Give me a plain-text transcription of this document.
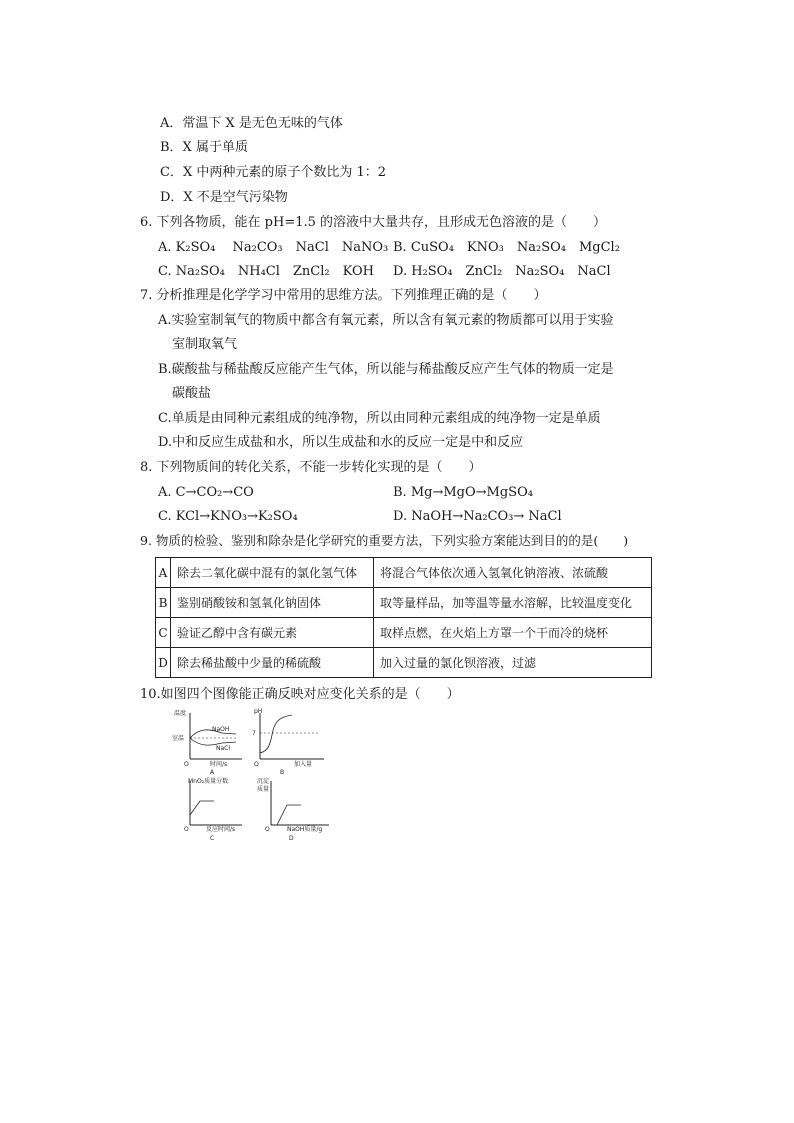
A．常温下 X 是无色无味的气体
B．X 属于单质
C．X 中两种元素的原子个数比为 1：2
D．X 不是空气污染物
6. 下列各物质，能在 pH=1.5 的溶液中大量共存，且形成无色溶液的是（　　）
A. K₂SO₄　 Na₂CO₃　NaCl　NaNO₃ B. CuSO₄　KNO₃　Na₂SO₄　MgCl₂
C. Na₂SO₄　NH₄Cl　ZnCl₂　KOH D. H₂SO₄　ZnCl₂　Na₂SO₄　NaCl
7. 分析推理是化学学习中常用的思维方法。下列推理正确的是（　　）
A.实验室制氧气的物质中都含有氧元素，所以含有氧元素的物质都可以用于实验
室制取氧气
B.碳酸盐与稀盐酸反应能产生气体，所以能与稀盐酸反应产生气体的物质一定是
碳酸盐
C.单质是由同种元素组成的纯净物，所以由同种元素组成的纯净物一定是单质
D.中和反应生成盐和水，所以生成盐和水的反应一定是中和反应
8. 下列物质间的转化关系，不能一步转化实现的是（　　）
A. C→CO₂→CO	B. Mg→MgO→MgSO₄
C. KCl→KNO₃→K₂SO₄	D. NaOH→Na₂CO₃→ NaCl
9. 物质的检验、鉴别和除杂是化学研究的重要方法，下列实验方案能达到目的的是(　　)
A	除去二氧化碳中混有的氯化氢气体	将混合气体依次通入氢氧化钠溶液、浓硫酸
B	鉴别硝酸铵和氢氧化钠固体	取等量样品，加等温等量水溶解，比较温度变化
C	验证乙醇中含有碳元素	取样点燃，在火焰上方罩一个干而冷的烧杯
D	除去稀盐酸中少量的稀硫酸	加入过量的氯化钡溶液，过滤
10.如图四个图像能正确反映对应变化关系的是（　　）
温度
室温
NaOH
NaCl
O	时间/s
A
pH
7
O	加入量
B
MnO₂质量分数
O	反应时间/s
C
沉淀
质量
O	NaOH质量/g
D
